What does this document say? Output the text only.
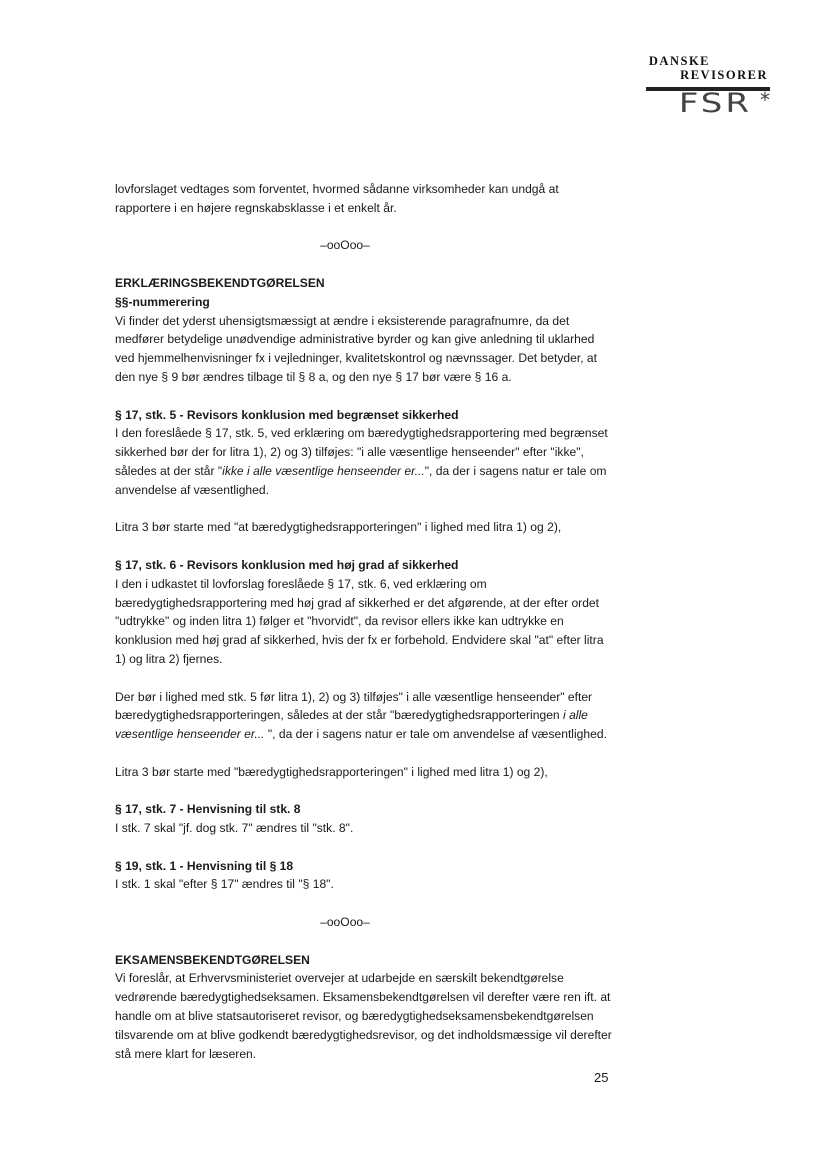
DANSKE
REVISORER
FSR *

lovforslaget vedtages som forventet, hvormed sådanne virksomheder kan undgå at rapportere i en højere regnskabsklasse i et enkelt år.

–ooOoo–

ERKLÆRINGSBEKENDTGØRELSEN

§§-nummerering

Vi finder det yderst uhensigtsmæssigt at ændre i eksisterende paragrafnumre, da det medfører betydelige unødvendige administrative byrder og kan give anledning til uklarhed ved hjemmelhenvisninger fx i vejledninger, kvalitetskontrol og nævnssager. Det betyder, at den nye § 9 bør ændres tilbage til § 8 a, og den nye § 17 bør være § 16 a.

§ 17, stk. 5 - Revisors konklusion med begrænset sikkerhed

I den foreslåede § 17, stk. 5, ved erklæring om bæredygtighedsrapportering med begrænset sikkerhed bør der for litra 1), 2) og 3) tilføjes: "i alle væsentlige henseender" efter "ikke", således at der står "ikke i alle væsentlige henseender er...", da der i sagens natur er tale om anvendelse af væsentlighed.

Litra 3 bør starte med "at bæredygtighedsrapporteringen" i lighed med litra 1) og 2),

§ 17, stk. 6 - Revisors konklusion med høj grad af sikkerhed

I den i udkastet til lovforslag foreslåede § 17, stk. 6, ved erklæring om bæredygtighedsrapportering med høj grad af sikkerhed er det afgørende, at der efter ordet "udtrykke" og inden litra 1) følger et "hvorvidt", da revisor ellers ikke kan udtrykke en konklusion med høj grad af sikkerhed, hvis der fx er forbehold. Endvidere skal "at" efter litra 1) og litra 2) fjernes.

Der bør i lighed med stk. 5 før litra 1), 2) og 3) tilføjes" i alle væsentlige henseender" efter bæredygtighedsrapporteringen, således at der står "bæredygtighedsrapporteringen i alle væsentlige henseender er... ", da der i sagens natur er tale om anvendelse af væsentlighed.

Litra 3 bør starte med "bæredygtighedsrapporteringen" i lighed med litra 1) og 2),

§ 17, stk. 7 - Henvisning til stk. 8

I stk. 7 skal "jf. dog stk. 7" ændres til "stk. 8".

§ 19, stk. 1 - Henvisning til § 18

I stk. 1 skal "efter § 17" ændres til "§ 18".

–ooOoo–

EKSAMENSBEKENDTGØRELSEN

Vi foreslår, at Erhvervsministeriet overvejer at udarbejde en særskilt bekendtgørelse vedrørende bæredygtighedseksamen. Eksamensbekendtgørelsen vil derefter være ren ift. at handle om at blive statsautoriseret revisor, og bæredygtighedseksamensbekendtgørelsen tilsvarende om at blive godkendt bæredygtighedsrevisor, og det indholdsmæssige vil derefter stå mere klart for læseren.

25
